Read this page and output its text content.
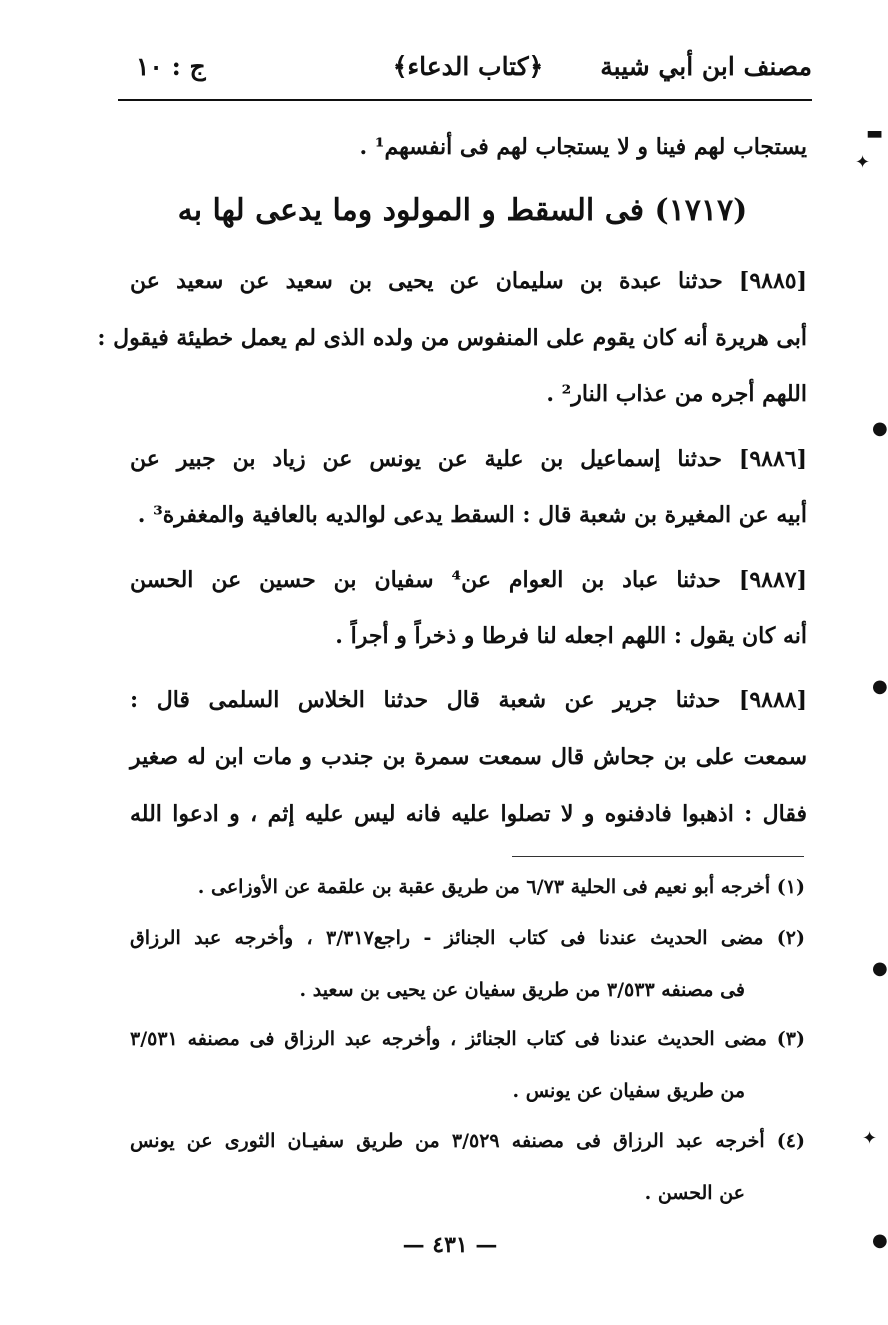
مصنف ابن أبي شيبة
﴿كتاب الدعاء﴾
ج : ١٠
يستجاب لهم فينا و لا يستجاب لهم فى أنفسهم¹ .
(١٧١٧) فى السقط و المولود وما يدعى لها به
[٩٨٨٥] حدثنا عبدة بن سليمان عن يحيى بن سعيد عن سعيد عن
أبى هريرة أنه كان يقوم على المنفوس من ولده الذى لم يعمل خطيئة فيقول :
اللهم أجره من عذاب النار² .
[٩٨٨٦] حدثنا إسماعيل بن علية عن يونس عن زياد بن جبير عن
أبيه عن المغيرة بن شعبة قال : السقط يدعى لوالديه بالعافية والمغفرة³ .
[٩٨٨٧] حدثنا عباد بن العوام عن⁴ سفيان بن حسين عن الحسن
أنه كان يقول : اللهم اجعله لنا فرطا و ذخراً و أجراً .
[٩٨٨٨] حدثنا جرير عن شعبة قال حدثنا الخلاس السلمى قال :
سمعت على بن جحاش قال سمعت سمرة بن جندب و مات ابن له صغير
فقال : اذهبوا فادفنوه و لا تصلوا عليه فانه ليس عليه إثم ، و ادعوا الله
(١) أخرجه أبو نعيم فى الحلية ٦/٧٣ من طريق عقبة بن علقمة عن الأوزاعى .
(٢) مضى الحديث عندنا فى كتاب الجنائز - راجع٣/٣١٧ ، وأخرجه عبد الرزاق
فى مصنفه ٣/٥٣٣ من طريق سفيان عن يحيى بن سعيد .
(٣) مضى الحديث عندنا فى كتاب الجنائز ، وأخرجه عبد الرزاق فى مصنفه ٣/٥٣١
من طريق سفيان عن يونس .
(٤) أخرجه عبد الرزاق فى مصنفه ٣/٥٢٩ من طريق سفيـان الثورى عن يونس
عن الحسن .
— ٤٣١ —
▬
✦
●
●
●
✦
●
